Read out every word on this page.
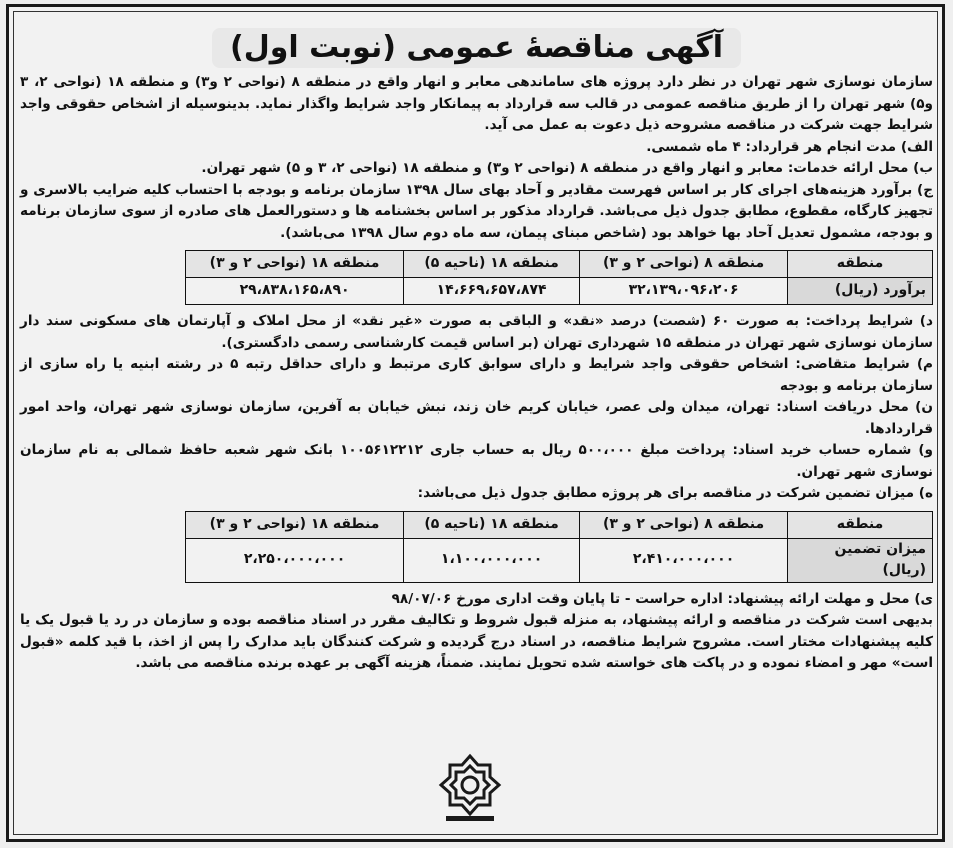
آگهی مناقصهٔ عمومی (نوبت اول)

سازمان نوسازی شهر تهران در نظر دارد پروژه های ساماندهی معابر و انهار واقع در منطقه ۸ (نواحی ۲ و۳) و منطقه ۱۸ (نواحی ۲، ۳ و۵) شهر تهران را از طریق مناقصه عمومی در قالب سه قرارداد به پیمانکار واجد شرایط واگذار نماید. بدینوسیله از اشخاص حقوقی واجد شرایط جهت شرکت در مناقصه مشروحه ذیل دعوت به عمل می آید.

الف) مدت انجام هر قرارداد: ۴ ماه شمسی.

ب) محل ارائه خدمات: معابر و انهار واقع در منطقه ۸ (نواحی ۲ و۳) و منطقه ۱۸ (نواحی ۲، ۳ و ۵) شهر تهران.

ج) برآورد هزینه‌های اجرای کار بر اساس فهرست مقادیر و آحاد بهای سال ۱۳۹۸ سازمان برنامه و بودجه با احتساب کلیه ضرایب بالاسری و تجهیز کارگاه، مقطوع، مطابق جدول ذیل می‌باشد. قرارداد مذکور بر اساس بخشنامه ها و دستورالعمل های صادره از سوی سازمان برنامه و بودجه، مشمول تعدیل آحاد بها خواهد بود (شاخص مبنای پیمان، سه ماه دوم سال ۱۳۹۸ می‌باشد).

منطقه	منطقه ۸ (نواحی ۲ و ۳)	منطقه ۱۸ (ناحیه ۵)	منطقه ۱۸ (نواحی ۲ و ۳)
برآورد (ریال)	۳۲،۱۳۹،۰۹۶،۲۰۶	۱۴،۶۶۹،۶۵۷،۸۷۴	۲۹،۸۳۸،۱۶۵،۸۹۰

د) شرایط پرداخت: به صورت ۶۰ (شصت) درصد «نقد» و الباقی به صورت «غیر نقد» از محل املاک و آپارتمان های مسکونی سند دار سازمان نوسازی شهر تهران در منطقه ۱۵ شهرداری تهران (بر اساس قیمت کارشناسی رسمی دادگستری).

م) شرایط متقاضی: اشخاص حقوقی واجد شرایط و دارای سوابق کاری مرتبط و دارای حداقل رتبه ۵ در رشته ابنیه یا راه سازی از سازمان برنامه و بودجه

ن) محل دریافت اسناد: تهران، میدان ولی عصر، خیابان کریم خان زند، نبش خیابان به آفرین، سازمان نوسازی شهر تهران، واحد امور قراردادها.

و) شماره حساب خرید اسناد: پرداخت مبلغ ۵۰۰،۰۰۰ ریال به حساب جاری ۱۰۰۵۶۱۲۲۱۲ بانک شهر شعبه حافظ شمالی به نام سازمان نوسازی شهر تهران.

ه) میزان تضمین شرکت در مناقصه برای هر پروژه مطابق جدول ذیل می‌باشد:

منطقه	منطقه ۸ (نواحی ۲ و ۳)	منطقه ۱۸ (ناحیه ۵)	منطقه ۱۸ (نواحی ۲ و ۳)
میزان تضمین (ریال)	۲،۴۱۰،۰۰۰،۰۰۰	۱،۱۰۰،۰۰۰،۰۰۰	۲،۲۵۰،۰۰۰،۰۰۰

ی) محل و مهلت ارائه پیشنهاد: اداره حراست - تا پایان وقت اداری مورخ ۹۸/۰۷/۰۶

بدیهی است شرکت در مناقصه و ارائه پیشنهاد، به منزله قبول شروط و تکالیف مقرر در اسناد مناقصه بوده و سازمان در رد یا قبول یک یا کلیه پیشنهادات مختار است. مشروح شرایط مناقصه، در اسناد درج گردیده و شرکت کنندگان باید مدارک را پس از اخذ، با قید کلمه «قبول است» مهر و امضاء نموده و در پاکت های خواسته شده تحویل نمایند. ضمناً، هزینه آگهی بر عهده برنده مناقصه می باشد.
